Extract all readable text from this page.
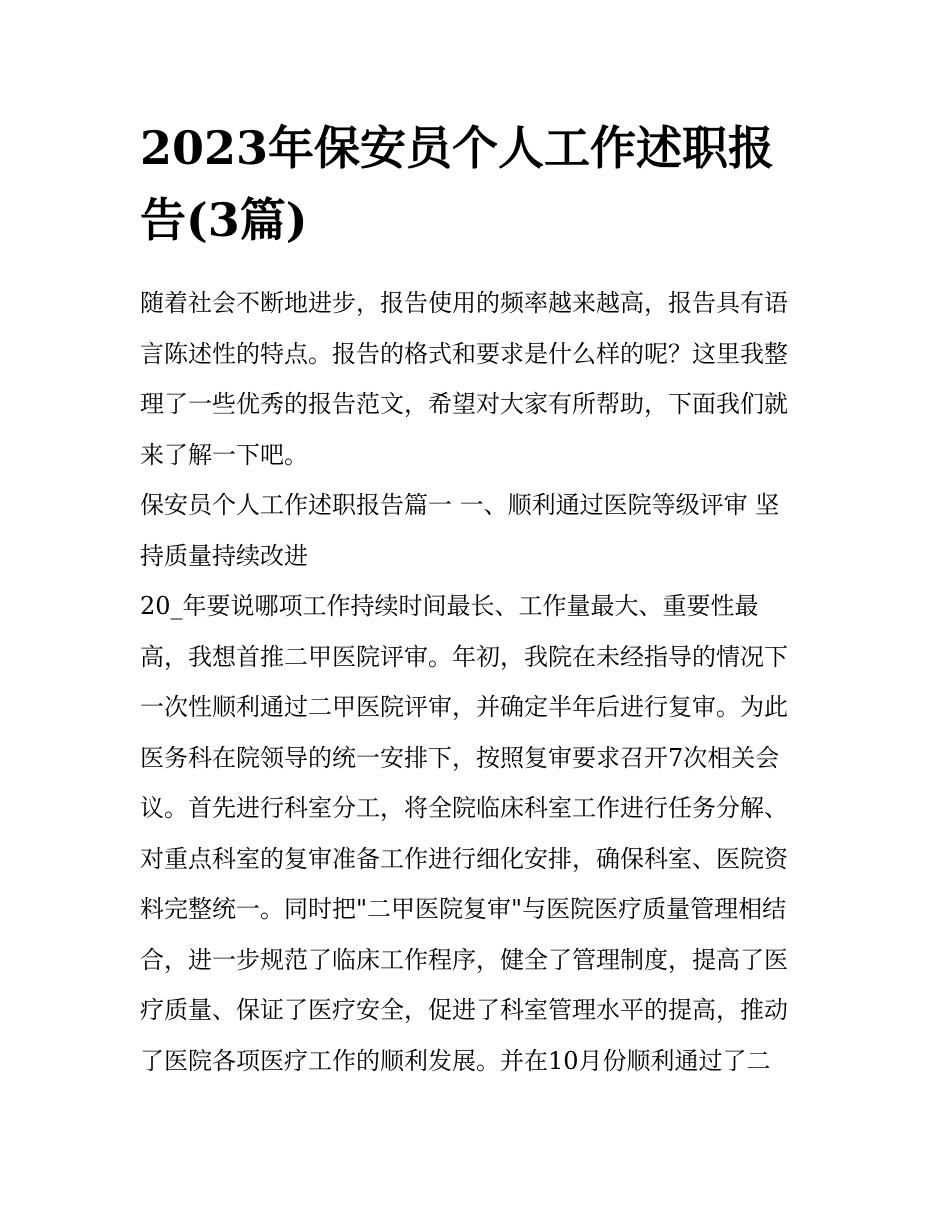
2023年保安员个人工作述职报
告(3篇)
随着社会不断地进步，报告使用的频率越来越高，报告具有语
言陈述性的特点。报告的格式和要求是什么样的呢？这里我整
理了一些优秀的报告范文，希望对大家有所帮助，下面我们就
来了解一下吧。
保安员个人工作述职报告篇一 一、顺利通过医院等级评审 坚
持质量持续改进
20_年要说哪项工作持续时间最长、工作量最大、重要性最
高，我想首推二甲医院评审。年初，我院在未经指导的情况下
一次性顺利通过二甲医院评审，并确定半年后进行复审。为此
医务科在院领导的统一安排下，按照复审要求召开7次相关会
议。首先进行科室分工，将全院临床科室工作进行任务分解、
对重点科室的复审准备工作进行细化安排，确保科室、医院资
料完整统一。同时把"二甲医院复审"与医院医疗质量管理相结
合，进一步规范了临床工作程序，健全了管理制度，提高了医
疗质量、保证了医疗安全，促进了科室管理水平的提高，推动
了医院各项医疗工作的顺利发展。并在10月份顺利通过了二
